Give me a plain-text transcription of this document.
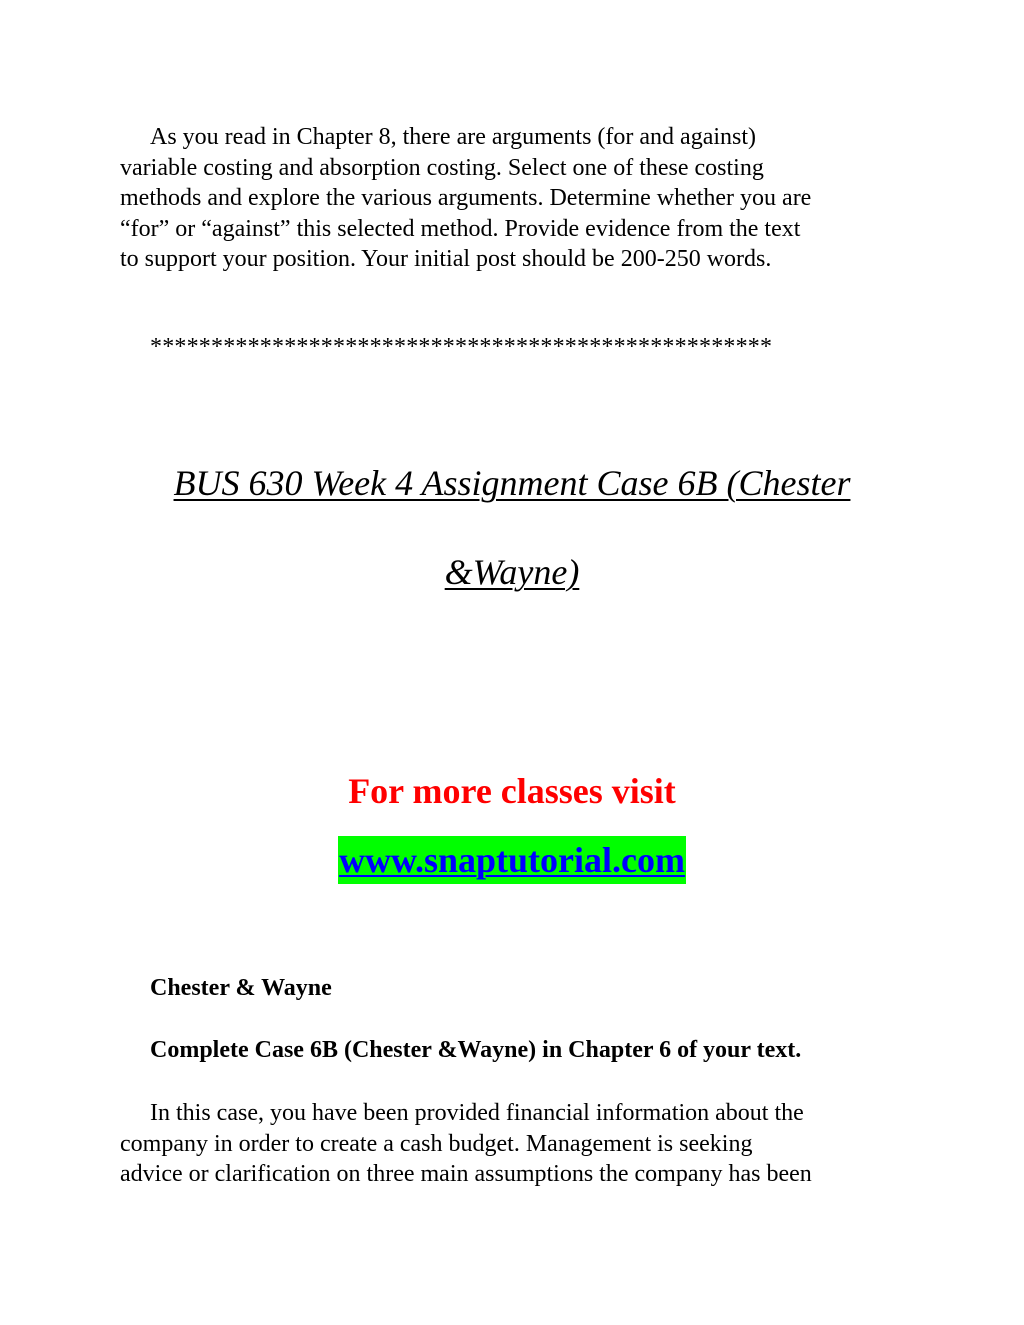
As you read in Chapter 8, there are arguments (for and against)
variable costing and absorption costing. Select one of these costing
methods and explore the various arguments. Determine whether you are
“for” or “against” this selected method. Provide evidence from the text
to support your position. Your initial post should be 200-250 words.

***************************************************
BUS 630 Week 4 Assignment Case 6B (Chester
&Wayne)

For more classes visit

www.snaptutorial.com

Chester & Wayne

Complete Case 6B (Chester &Wayne) in Chapter 6 of your text.

In this case, you have been provided financial information about the
company in order to create a cash budget. Management is seeking
advice or clarification on three main assumptions the company has been
